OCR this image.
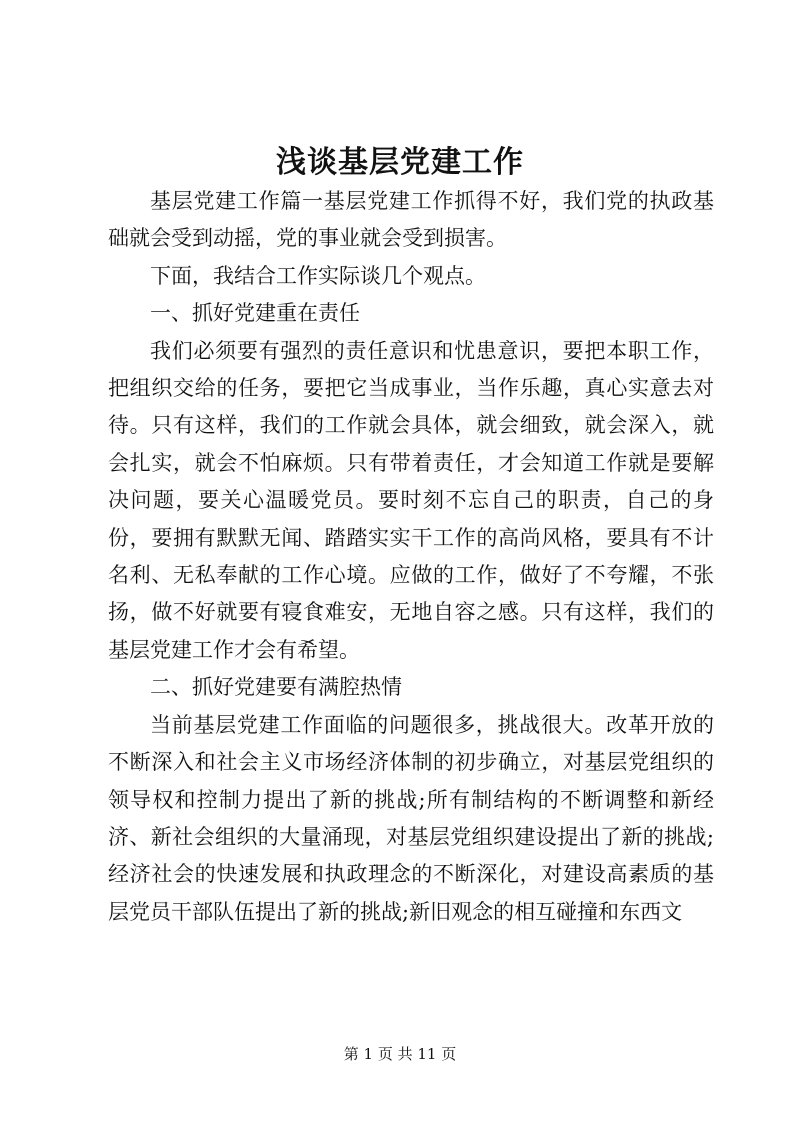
浅谈基层党建工作

基层党建工作篇一基层党建工作抓得不好，我们党的执政基础就会受到动摇，党的事业就会受到损害。

下面，我结合工作实际谈几个观点。

一、抓好党建重在责任

我们必须要有强烈的责任意识和忧患意识，要把本职工作，把组织交给的任务，要把它当成事业，当作乐趣，真心实意去对待。只有这样，我们的工作就会具体，就会细致，就会深入，就会扎实，就会不怕麻烦。只有带着责任，才会知道工作就是要解决问题，要关心温暖党员。要时刻不忘自己的职责，自己的身份，要拥有默默无闻、踏踏实实干工作的高尚风格，要具有不计名利、无私奉献的工作心境。应做的工作，做好了不夸耀，不张扬，做不好就要有寝食难安，无地自容之感。只有这样，我们的基层党建工作才会有希望。

二、抓好党建要有满腔热情

当前基层党建工作面临的问题很多，挑战很大。改革开放的不断深入和社会主义市场经济体制的初步确立，对基层党组织的领导权和控制力提出了新的挑战;所有制结构的不断调整和新经济、新社会组织的大量涌现，对基层党组织建设提出了新的挑战;经济社会的快速发展和执政理念的不断深化，对建设高素质的基层党员干部队伍提出了新的挑战;新旧观念的相互碰撞和东西文

第 1 页 共 11 页
